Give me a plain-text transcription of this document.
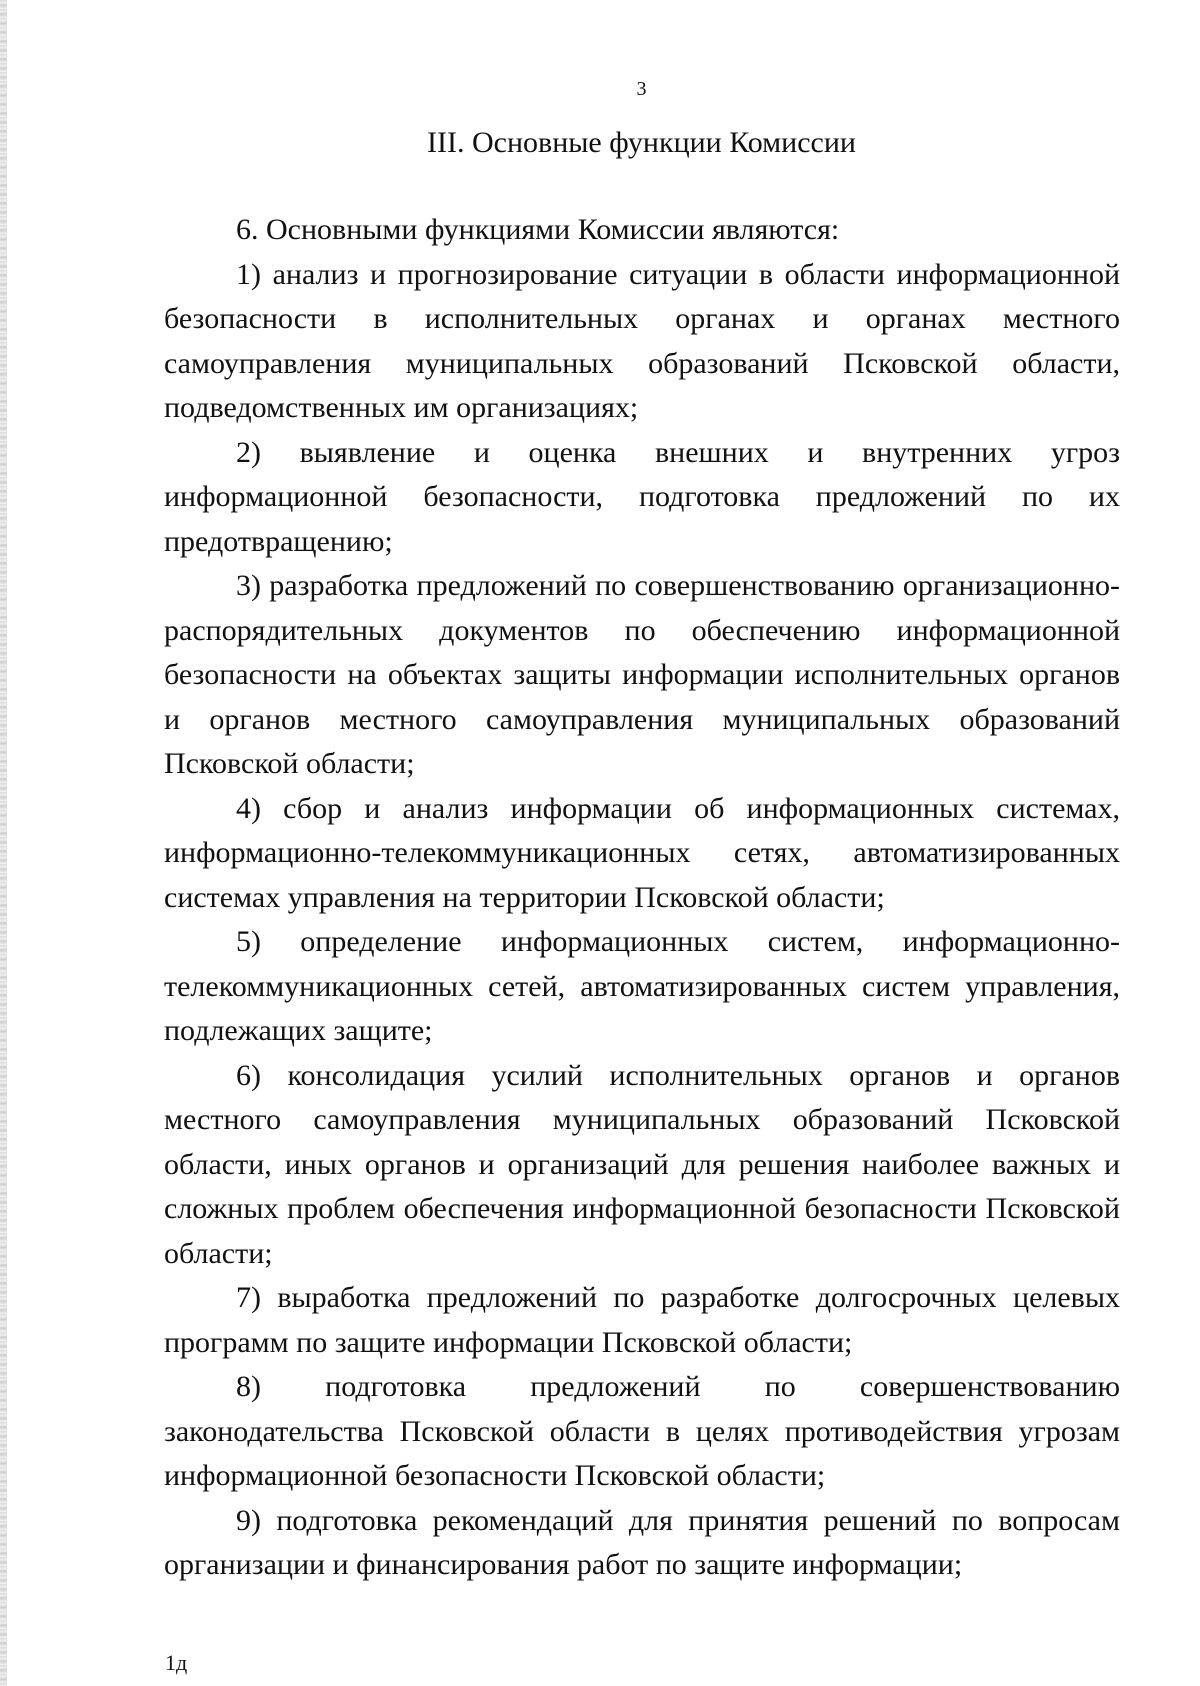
3
III. Основные функции Комиссии

6. Основными функциями Комиссии являются:

1) анализ и прогнозирование ситуации в области информационной безопасности в исполнительных органах и органах местного самоуправления муниципальных образований Псковской области, подведомственных им организациях;

2) выявление и оценка внешних и внутренних угроз информационной безопасности, подготовка предложений по их предотвращению;

3) разработка предложений по совершенствованию организационно-распорядительных документов по обеспечению информационной безопасности на объектах защиты информации исполнительных органов и органов местного самоуправления муниципальных образований Псковской области;

4) сбор и анализ информации об информационных системах, информационно-телекоммуникационных сетях, автоматизированных системах управления на территории Псковской области;

5) определение информационных систем, информационно-телекоммуникационных сетей, автоматизированных систем управления, подлежащих защите;

6) консолидация усилий исполнительных органов и органов местного самоуправления муниципальных образований Псковской области, иных органов и организаций для решения наиболее важных и сложных проблем обеспечения информационной безопасности Псковской области;

7) выработка предложений по разработке долгосрочных целевых программ по защите информации Псковской области;

8) подготовка предложений по совершенствованию законодательства Псковской области в целях противодействия угрозам информационной безопасности Псковской области;

9) подготовка рекомендаций для принятия решений по вопросам организации и финансирования работ по защите информации;

1д
